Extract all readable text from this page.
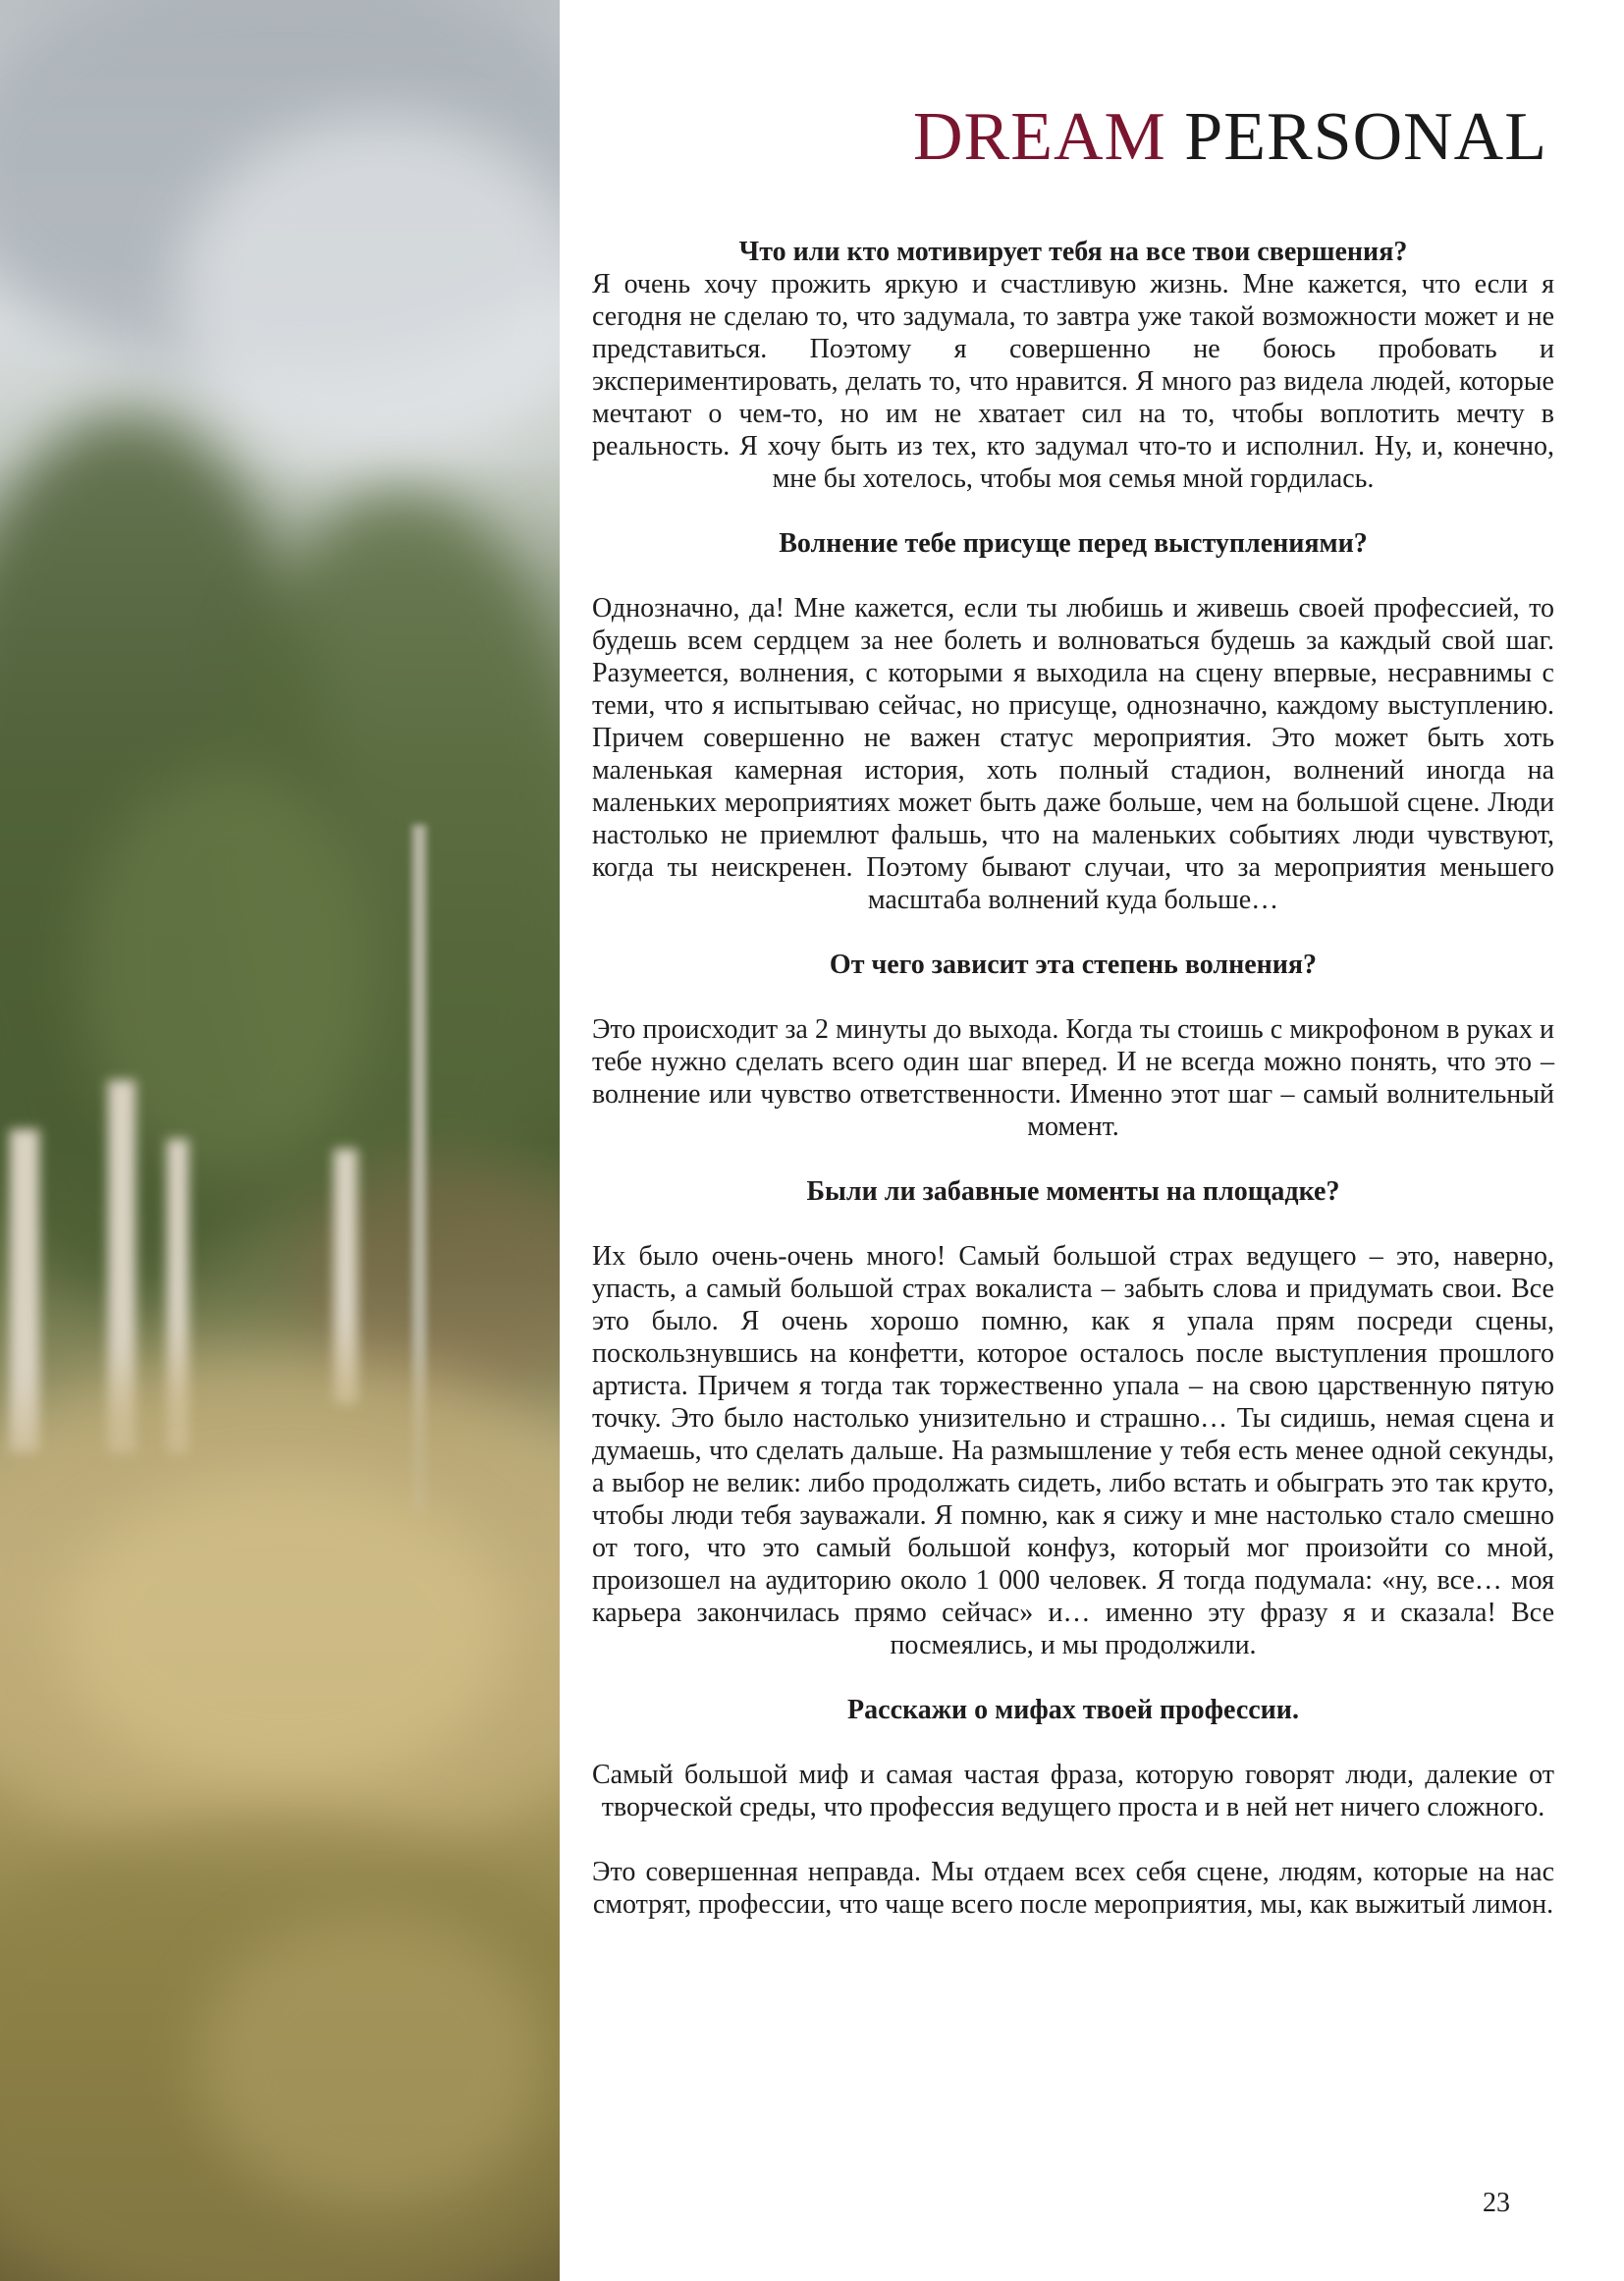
DREAM PERSONAL

Что или кто мотивирует тебя на все твои свершения?

Я очень хочу прожить яркую и счастливую жизнь. Мне кажется, что если я сегодня не сделаю то, что задумала, то завтра уже такой возможности может и не представиться. Поэтому я совершенно не боюсь пробовать и экспериментировать, делать то, что нравится. Я много раз видела людей, которые мечтают о чем-то, но им не хватает сил на то, чтобы воплотить мечту в реальность. Я хочу быть из тех, кто задумал что-то и исполнил. Ну, и, конечно, мне бы хотелось, чтобы моя семья мной гордилась.

Волнение тебе присуще перед выступлениями?

Однозначно, да! Мне кажется, если ты любишь и живешь своей профессией, то будешь всем сердцем за нее болеть и волноваться будешь за каждый свой шаг. Разумеется, волнения, с которыми я выходила на сцену впервые, несравнимы с теми, что я испытываю сейчас, но присуще, однозначно, каждому выступлению. Причем совершенно не важен статус мероприятия. Это может быть хоть маленькая камерная история, хоть полный стадион, волнений иногда на маленьких мероприятиях может быть даже больше, чем на большой сцене. Люди настолько не приемлют фальшь, что на маленьких событиях люди чувствуют, когда ты неискренен. Поэтому бывают случаи, что за мероприятия меньшего масштаба волнений куда больше…

От чего зависит эта степень волнения?

Это происходит за 2 минуты до выхода. Когда ты стоишь с микрофоном в руках и тебе нужно сделать всего один шаг вперед. И не всегда можно понять, что это – волнение или чувство ответственности. Именно этот шаг – самый волнительный момент.

Были ли забавные моменты на площадке?

Их было очень-очень много! Самый большой страх ведущего – это, наверно, упасть, а самый большой страх вокалиста – забыть слова и придумать свои. Все это было. Я очень хорошо помню, как я упала прям посреди сцены, поскользнувшись на конфетти, которое осталось после выступления прошлого артиста. Причем я тогда так торжественно упала – на свою царственную пятую точку. Это было настолько унизительно и страшно… Ты сидишь, немая сцена и думаешь, что сделать дальше. На размышление у тебя есть менее одной секунды, а выбор не велик: либо продолжать сидеть, либо встать и обыграть это так круто, чтобы люди тебя зауважали. Я помню, как я сижу и мне настолько стало смешно от того, что это самый большой конфуз, который мог произойти со мной, произошел на аудиторию около 1 000 человек. Я тогда подумала: «ну, все… моя карьера закончилась прямо сейчас» и… именно эту фразу я и сказала! Все посмеялись, и мы продолжили.

Расскажи о мифах твоей профессии.

Самый большой миф и самая частая фраза, которую говорят люди, далекие от творческой среды, что профессия ведущего проста и в ней нет ничего сложного.

Это совершенная неправда. Мы отдаем всех себя сцене, людям, которые на нас смотрят, профессии, что чаще всего после мероприятия, мы, как выжитый лимон.

23
